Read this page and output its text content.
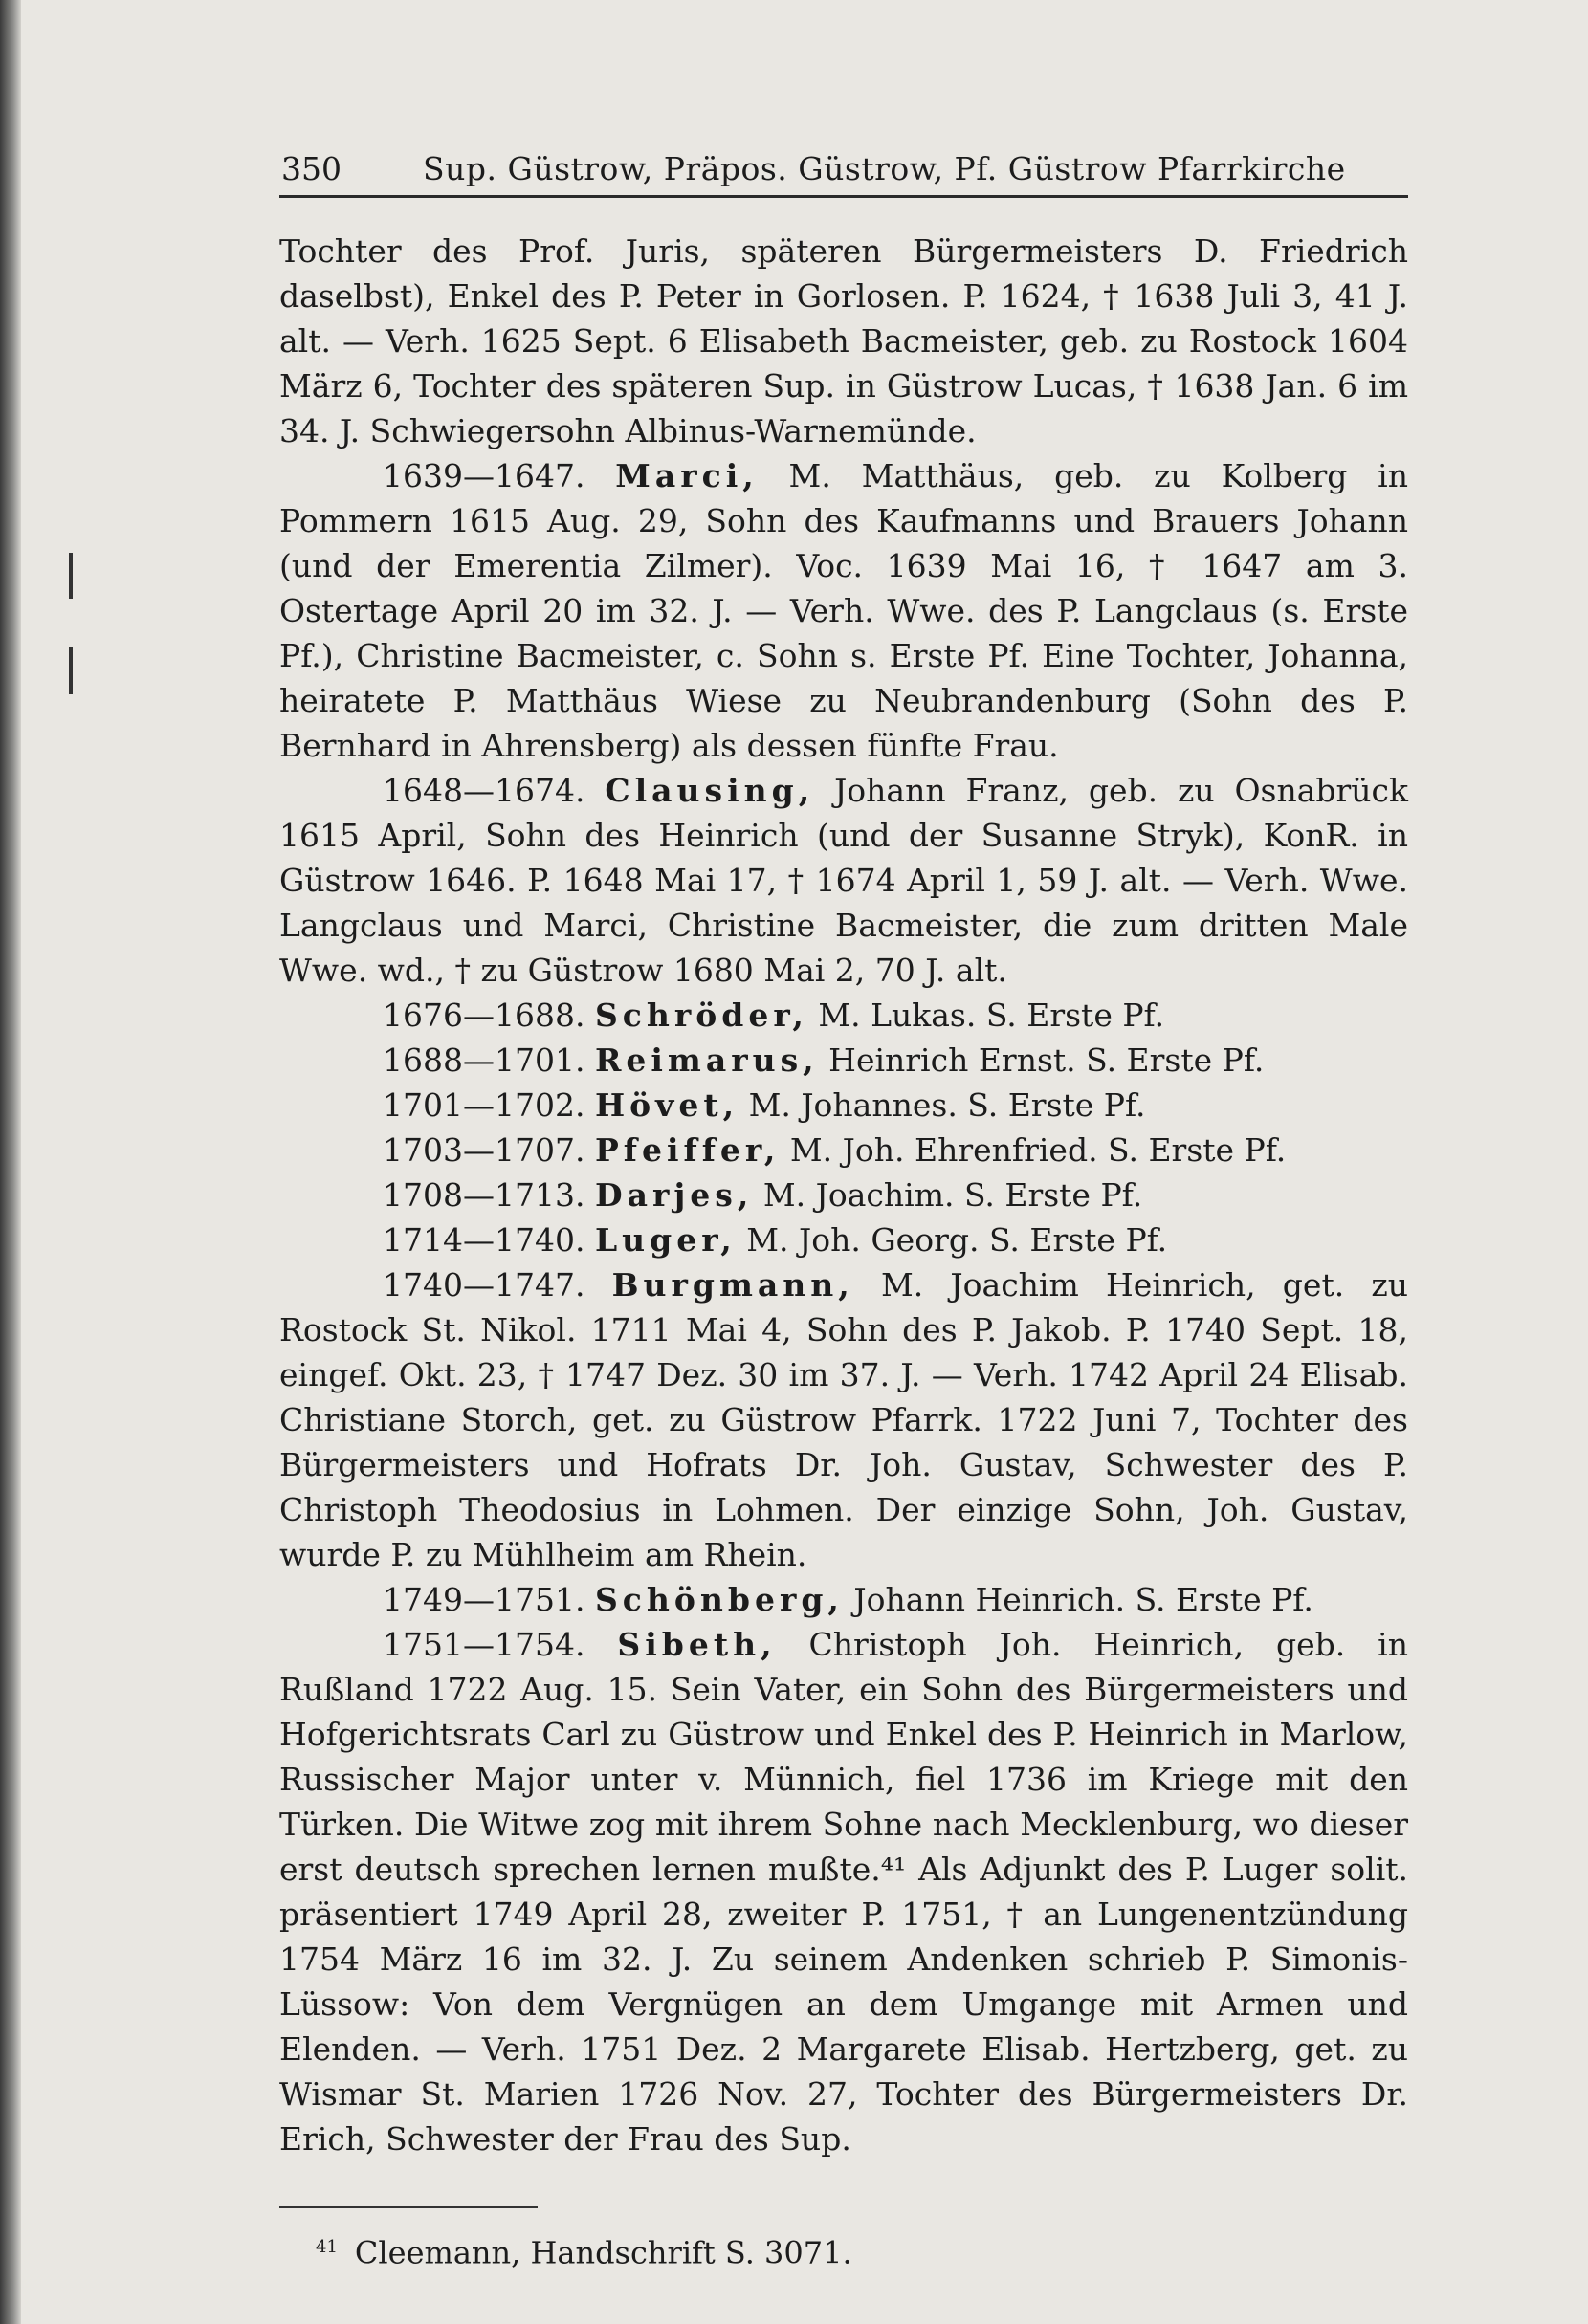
350	Sup. Güstrow, Präpos. Güstrow, Pf. Güstrow Pfarrkirche

Tochter des Prof. Juris, späteren Bürgermeisters D. Friedrich daselbst), Enkel des P. Peter in Gorlosen. P. 1624, † 1638 Juli 3, 41 J. alt. — Verh. 1625 Sept. 6 Elisabeth Bacmeister, geb. zu Rostock 1604 März 6, Tochter des späteren Sup. in Güstrow Lucas, † 1638 Jan. 6 im 34. J. Schwiegersohn Albinus-Warnemünde.

1639—1647. Marci, M. Matthäus, geb. zu Kolberg in Pommern 1615 Aug. 29, Sohn des Kaufmanns und Brauers Johann (und der Emerentia Zilmer). Voc. 1639 Mai 16, † 1647 am 3. Ostertage April 20 im 32. J. — Verh. Wwe. des P. Langclaus (s. Erste Pf.), Christine Bacmeister, c. Sohn s. Erste Pf. Eine Tochter, Johanna, heiratete P. Matthäus Wiese zu Neubrandenburg (Sohn des P. Bernhard in Ahrensberg) als dessen fünfte Frau.

1648—1674. Clausing, Johann Franz, geb. zu Osnabrück 1615 April, Sohn des Heinrich (und der Susanne Stryk), KonR. in Güstrow 1646. P. 1648 Mai 17, † 1674 April 1, 59 J. alt. — Verh. Wwe. Langclaus und Marci, Christine Bacmeister, die zum dritten Male Wwe. wd., † zu Güstrow 1680 Mai 2, 70 J. alt.

1676—1688. Schröder, M. Lukas. S. Erste Pf.

1688—1701. Reimarus, Heinrich Ernst. S. Erste Pf.

1701—1702. Hövet, M. Johannes. S. Erste Pf.

1703—1707. Pfeiffer, M. Joh. Ehrenfried. S. Erste Pf.

1708—1713. Darjes, M. Joachim. S. Erste Pf.

1714—1740. Luger, M. Joh. Georg. S. Erste Pf.

1740—1747. Burgmann, M. Joachim Heinrich, get. zu Rostock St. Nikol. 1711 Mai 4, Sohn des P. Jakob. P. 1740 Sept. 18, eingef. Okt. 23, † 1747 Dez. 30 im 37. J. — Verh. 1742 April 24 Elisab. Christiane Storch, get. zu Güstrow Pfarrk. 1722 Juni 7, Tochter des Bürgermeisters und Hofrats Dr. Joh. Gustav, Schwester des P. Christoph Theodosius in Lohmen. Der einzige Sohn, Joh. Gustav, wurde P. zu Mühlheim am Rhein.

1749—1751. Schönberg, Johann Heinrich. S. Erste Pf.

1751—1754. Sibeth, Christoph Joh. Heinrich, geb. in Rußland 1722 Aug. 15. Sein Vater, ein Sohn des Bürgermeisters und Hofgerichtsrats Carl zu Güstrow und Enkel des P. Heinrich in Marlow, Russischer Major unter v. Münnich, fiel 1736 im Kriege mit den Türken. Die Witwe zog mit ihrem Sohne nach Mecklenburg, wo dieser erst deutsch sprechen lernen mußte.⁴¹ Als Adjunkt des P. Luger solit. präsentiert 1749 April 28, zweiter P. 1751, † an Lungenentzündung 1754 März 16 im 32. J. Zu seinem Andenken schrieb P. Simonis-Lüssow: Von dem Vergnügen an dem Umgange mit Armen und Elenden. — Verh. 1751 Dez. 2 Margarete Elisab. Hertzberg, get. zu Wismar St. Marien 1726 Nov. 27, Tochter des Bürgermeisters Dr. Erich, Schwester der Frau des Sup.

$^{41}$ Cleemann, Handschrift S. 3071.
